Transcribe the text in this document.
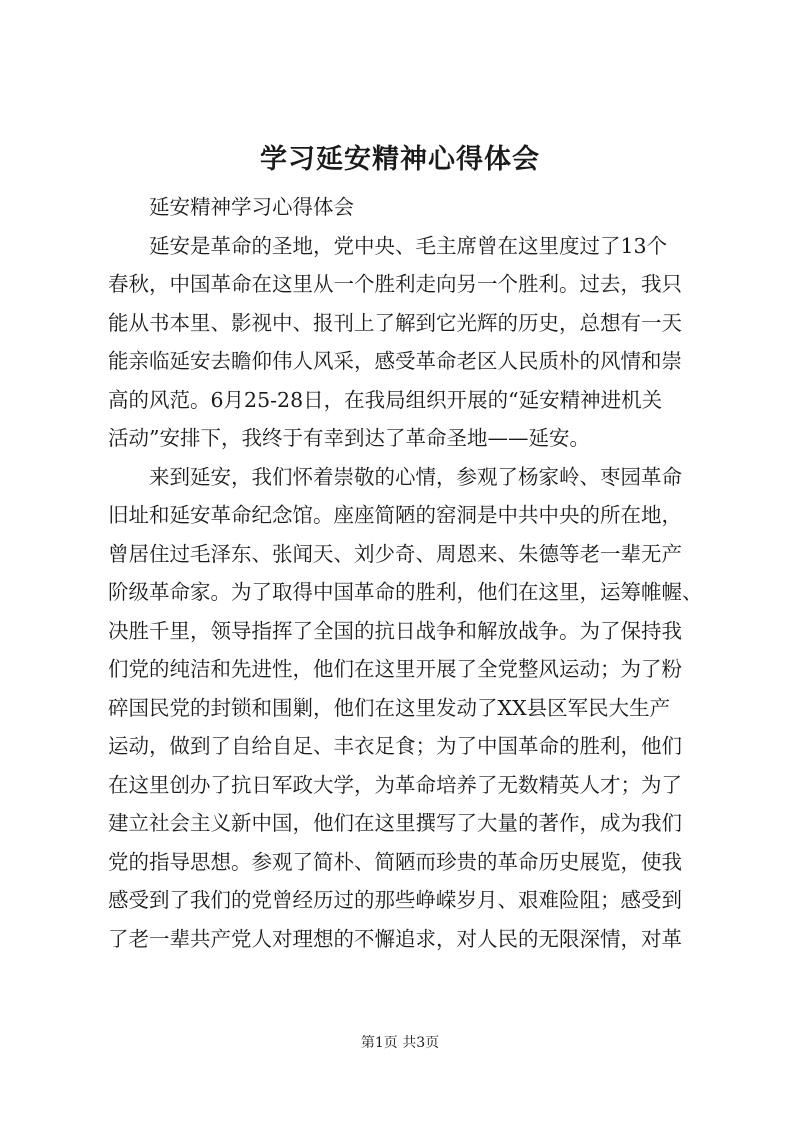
学习延安精神心得体会
　　延安精神学习心得体会
　　延安是革命的圣地，党中央、毛主席曾在这里度过了13个
春秋，中国革命在这里从一个胜利走向另一个胜利。过去，我只
能从书本里、影视中、报刊上了解到它光辉的历史，总想有一天
能亲临延安去瞻仰伟人风采，感受革命老区人民质朴的风情和崇
高的风范。6月25-28日，在我局组织开展的“延安精神进机关
活动”安排下，我终于有幸到达了革命圣地——延安。
　　来到延安，我们怀着崇敬的心情，参观了杨家岭、枣园革命
旧址和延安革命纪念馆。座座简陋的窑洞是中共中央的所在地，
曾居住过毛泽东、张闻天、刘少奇、周恩来、朱德等老一辈无产
阶级革命家。为了取得中国革命的胜利，他们在这里，运筹帷幄、
决胜千里，领导指挥了全国的抗日战争和解放战争。为了保持我
们党的纯洁和先进性，他们在这里开展了全党整风运动；为了粉
碎国民党的封锁和围剿，他们在这里发动了XX县区军民大生产
运动，做到了自给自足、丰衣足食；为了中国革命的胜利，他们
在这里创办了抗日军政大学，为革命培养了无数精英人才；为了
建立社会主义新中国，他们在这里撰写了大量的著作，成为我们
党的指导思想。参观了简朴、简陋而珍贵的革命历史展览，使我
感受到了我们的党曾经历过的那些峥嵘岁月、艰难险阻；感受到
了老一辈共产党人对理想的不懈追求，对人民的无限深情，对革
第1页 共3页
